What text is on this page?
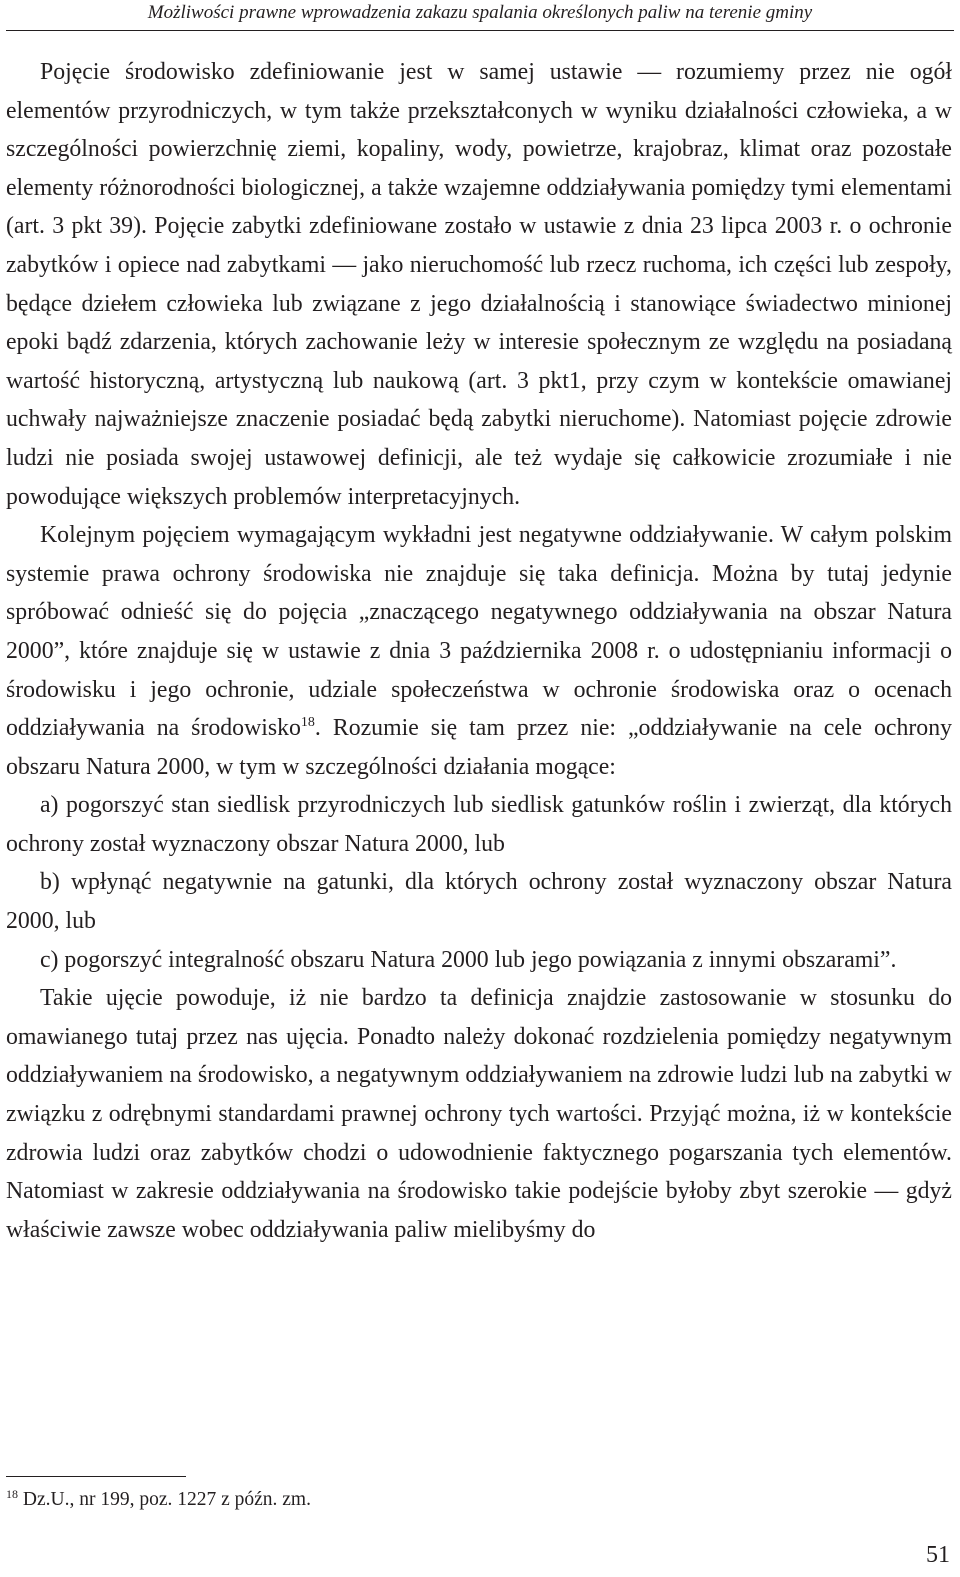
Możliwości prawne wprowadzenia zakazu spalania określonych paliw na terenie gminy

Pojęcie środowisko zdefiniowanie jest w samej ustawie — rozumiemy przez nie ogół elementów przyrodniczych, w tym także przekształconych w wyniku działalności człowieka, a w szczególności powierzchnię ziemi, kopaliny, wody, powietrze, krajobraz, klimat oraz pozostałe elementy różnorodności biologicznej, a także wzajemne oddziaływania pomiędzy tymi elementami (art. 3 pkt 39). Pojęcie zabytki zdefiniowane zostało w ustawie z dnia 23 lipca 2003 r. o ochronie zabytków i opiece nad zabytkami — jako nieruchomość lub rzecz ruchoma, ich części lub zespoły, będące dziełem człowieka lub związane z jego działalnością i stanowiące świadectwo minionej epoki bądź zdarzenia, których zachowanie leży w interesie społecznym ze względu na posiadaną wartość historyczną, artystyczną lub naukową (art. 3 pkt1, przy czym w kontekście omawianej uchwały najważniejsze znaczenie posiadać będą zabytki nieruchome). Natomiast pojęcie zdrowie ludzi nie posiada swojej ustawowej definicji, ale też wydaje się całkowicie zrozumiałe i nie powodujące większych problemów interpretacyjnych.

Kolejnym pojęciem wymagającym wykładni jest negatywne oddziaływanie. W całym polskim systemie prawa ochrony środowiska nie znajduje się taka definicja. Można by tutaj jedynie spróbować odnieść się do pojęcia „znaczącego negatywnego oddziaływania na obszar Natura 2000”, które znajduje się w ustawie z dnia 3 października 2008 r. o udostępnianiu informacji o środowisku i jego ochronie, udziale społeczeństwa w ochronie środowiska oraz o ocenach oddziaływania na środowisko$^{18}$. Rozumie się tam przez nie: „oddziaływanie na cele ochrony obszaru Natura 2000, w tym w szczególności działania mogące:

a) pogorszyć stan siedlisk przyrodniczych lub siedlisk gatunków roślin i zwierząt, dla których ochrony został wyznaczony obszar Natura 2000, lub

b) wpłynąć negatywnie na gatunki, dla których ochrony został wyznaczony obszar Natura 2000, lub

c) pogorszyć integralność obszaru Natura 2000 lub jego powiązania z innymi obszarami”.

Takie ujęcie powoduje, iż nie bardzo ta definicja znajdzie zastosowanie w stosunku do omawianego tutaj przez nas ujęcia. Ponadto należy dokonać rozdzielenia pomiędzy negatywnym oddziaływaniem na środowisko, a negatywnym oddziaływaniem na zdrowie ludzi lub na zabytki w związku z odrębnymi standardami prawnej ochrony tych wartości. Przyjąć można, iż w kontekście zdrowia ludzi oraz zabytków chodzi o udowodnienie faktycznego pogarszania tych elementów. Natomiast w zakresie oddziaływania na środowisko takie podejście byłoby zbyt szerokie — gdyż właściwie zawsze wobec oddziaływania paliw mielibyśmy do

$^{18}$ Dz.U., nr 199, poz. 1227 z późn. zm.
51
